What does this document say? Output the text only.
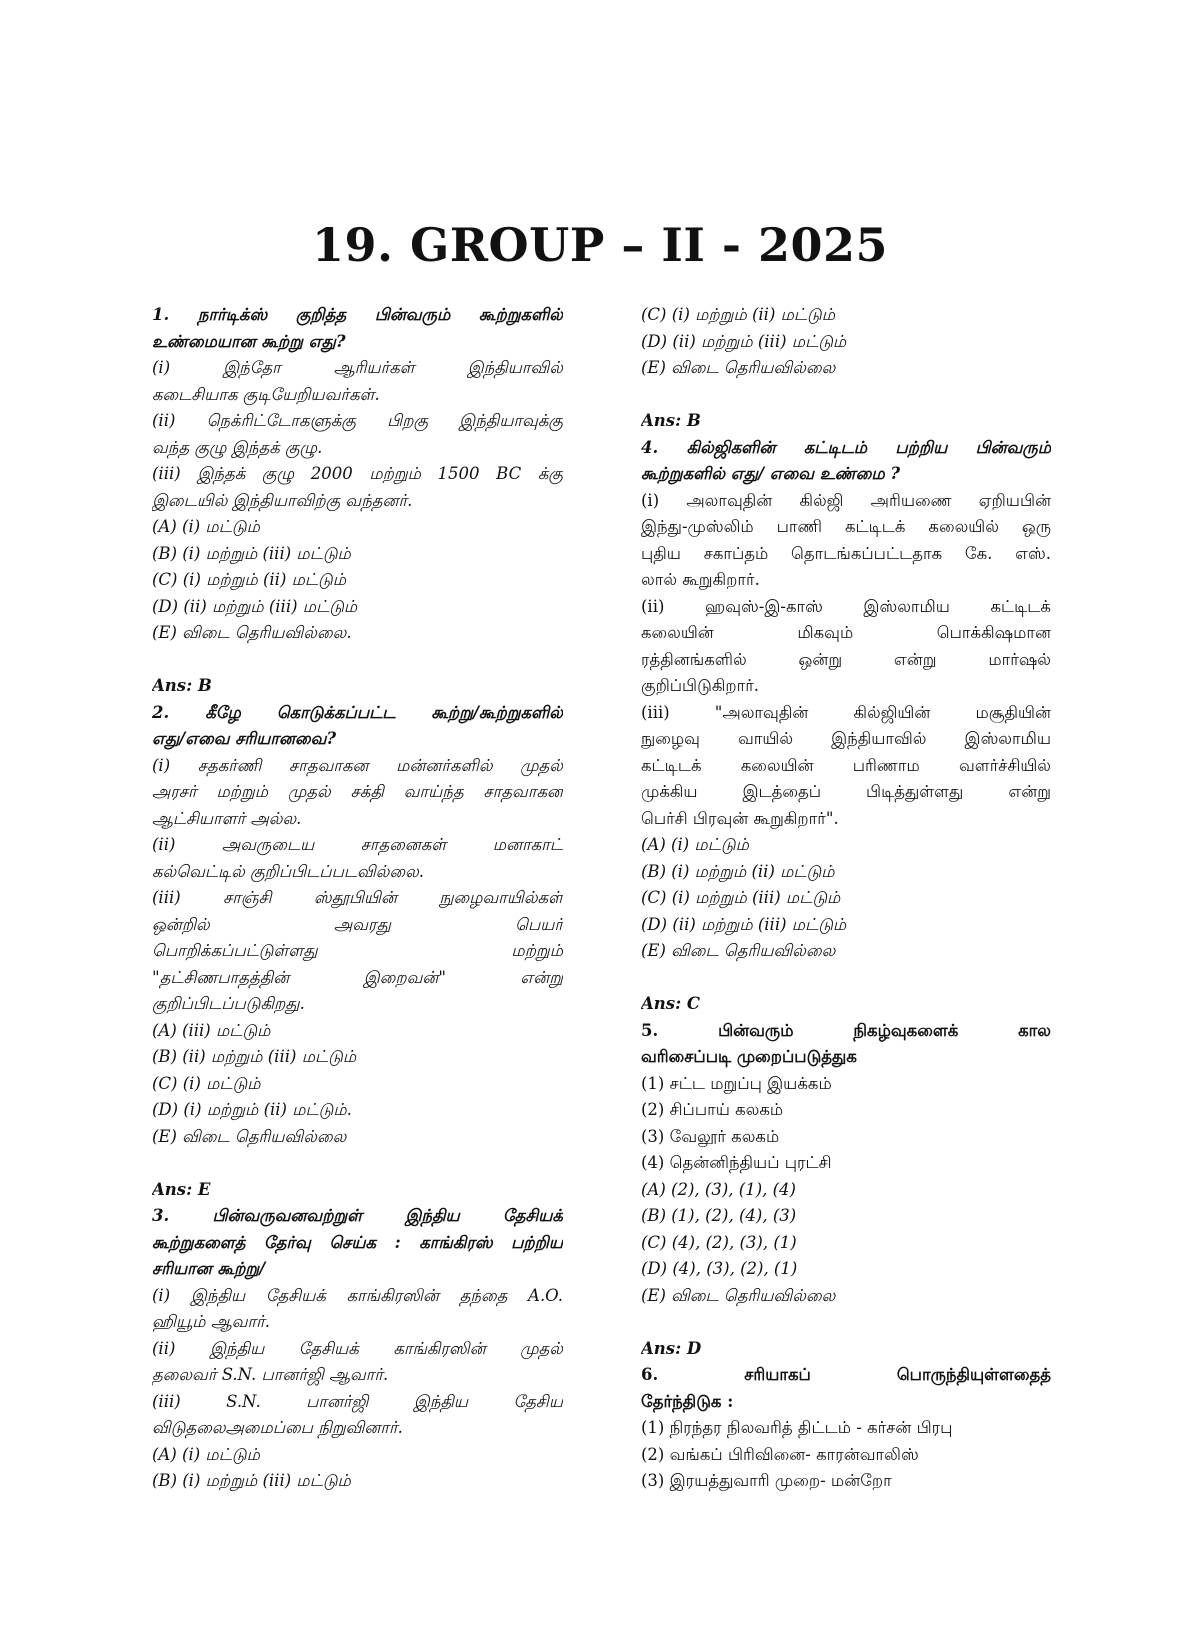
19. GROUP – II - 2025
1. நார்டிக்ஸ் குறித்த பின்வரும் கூற்றுகளில்
உண்மையான கூற்று எது?
(i) இந்தோ ஆரியர்கள் இந்தியாவில்
கடைசியாக குடியேறியவர்கள்.
(ii) நெக்ரிட்டோகளுக்கு பிறகு இந்தியாவுக்கு
வந்த குழு இந்தக் குழு.
(iii) இந்தக் குழு 2000 மற்றும் 1500 BC க்கு
இடையில் இந்தியாவிற்கு வந்தனர்.
(A) (i) மட்டும்
(B) (i) மற்றும் (iii) மட்டும்
(C) (i) மற்றும் (ii) மட்டும்
(D) (ii) மற்றும் (iii) மட்டும்
(E) விடை தெரியவில்லை.
Ans: B
2. கீழே கொடுக்கப்பட்ட கூற்று/கூற்றுகளில்
எது/எவை சரியானவை?
(i) சதகர்ணி சாதவாகன மன்னர்களில் முதல்
அரசர் மற்றும் முதல் சக்தி வாய்ந்த சாதவாகன
ஆட்சியாளர் அல்ல.
(ii) அவருடைய சாதனைகள் மனாகாட்
கல்வெட்டில் குறிப்பிடப்படவில்லை.
(iii) சாஞ்சி ஸ்தூபியின் நுழைவாயில்கள்
ஒன்றில் அவரது பெயர்
பொறிக்கப்பட்டுள்ளது மற்றும்
"தட்சிணபாதத்தின் இறைவன்" என்று
குறிப்பிடப்படுகிறது.
(A) (iii) மட்டும்
(B) (ii) மற்றும் (iii) மட்டும்
(C) (i) மட்டும்
(D) (i) மற்றும் (ii) மட்டும்.
(E) விடை தெரியவில்லை
Ans: E
3. பின்வருவனவற்றுள் இந்திய தேசியக்
கூற்றுகளைத் தேர்வு செய்க : காங்கிரஸ் பற்றிய
சரியான கூற்று/
(i) இந்திய தேசியக் காங்கிரஸின் தந்தை A.O.
ஹியூம் ஆவார்.
(ii) இந்திய தேசியக் காங்கிரஸின் முதல்
தலைவர் S.N. பானர்ஜி ஆவார்.
(iii) S.N. பானர்ஜி இந்திய தேசிய
விடுதலைஅமைப்பை நிறுவினார்.
(A) (i) மட்டும்
(B) (i) மற்றும் (iii) மட்டும்
(C) (i) மற்றும் (ii) மட்டும்
(D) (ii) மற்றும் (iii) மட்டும்
(E) விடை தெரியவில்லை
Ans: B
4. கில்ஜிகளின் கட்டிடம் பற்றிய பின்வரும்
கூற்றுகளில் எது/ எவை உண்மை ?
(i) அலாவுதின் கில்ஜி அரியணை ஏறியபின்
இந்து-முஸ்லிம் பாணி கட்டிடக் கலையில் ஒரு
புதிய சகாப்தம் தொடங்கப்பட்டதாக கே. எஸ்.
லால் கூறுகிறார்.
(ii) ஹவுஸ்-இ-காஸ் இஸ்லாமிய கட்டிடக்
கலையின் மிகவும் பொக்கிஷமான
ரத்தினங்களில் ஒன்று என்று மார்ஷல்
குறிப்பிடுகிறார்.
(iii) "அலாவுதின் கில்ஜியின் மசூதியின்
நுழைவு வாயில் இந்தியாவில் இஸ்லாமிய
கட்டிடக் கலையின் பரிணாம வளர்ச்சியில்
முக்கிய இடத்தைப் பிடித்துள்ளது என்று
பெர்சி பிரவுன் கூறுகிறார்".
(A) (i) மட்டும்
(B) (i) மற்றும் (ii) மட்டும்
(C) (i) மற்றும் (iii) மட்டும்
(D) (ii) மற்றும் (iii) மட்டும்
(E) விடை தெரியவில்லை
Ans: C
5. பின்வரும் நிகழ்வுகளைக் கால
வரிசைப்படி முறைப்படுத்துக
(1) சட்ட மறுப்பு இயக்கம்
(2) சிப்பாய் கலகம்
(3) வேலூர் கலகம்
(4) தென்னிந்தியப் புரட்சி
(A) (2), (3), (1), (4)
(B) (1), (2), (4), (3)
(C) (4), (2), (3), (1)
(D) (4), (3), (2), (1)
(E) விடை தெரியவில்லை
Ans: D
6. சரியாகப் பொருந்தியுள்ளதைத்
தேர்ந்திடுக :
(1) நிரந்தர நிலவரித் திட்டம் - கர்சன் பிரபு
(2) வங்கப் பிரிவினை- காரன்வாலிஸ்
(3) இரயத்துவாரி முறை- மன்றோ
